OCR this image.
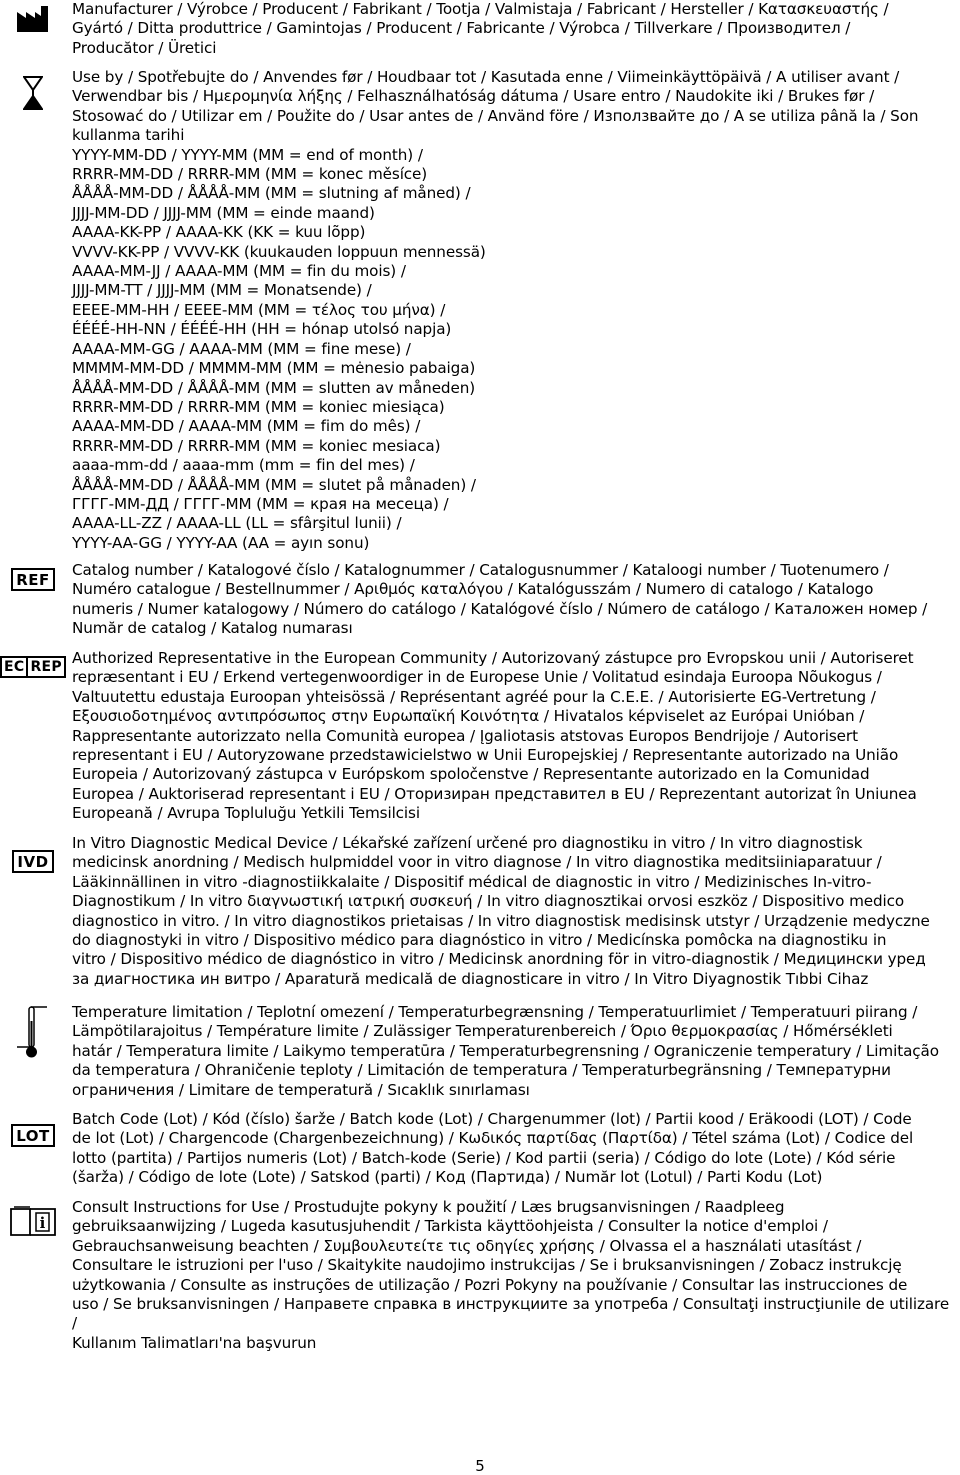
Manufacturer / Výrobce / Producent / Fabrikant / Tootja / Valmistaja / Fabricant / Hersteller / Κατασκευαστής /

Gyártó / Ditta produttrice / Gamintojas / Producent / Fabricante / Výrobca / Tillverkare / Производител /

Producător / Üretici

Use by / Spotřebujte do / Anvendes før / Houdbaar tot / Kasutada enne / Viimeinkäyttöpäivä / A utiliser avant /

Verwendbar bis / Ημερομηνία λήξης / Felhasználhatóság dátuma / Usare entro / Naudokite iki / Brukes før /

Stosować do / Utilizar em / Použite do / Usar antes de / Använd före / Използвайте до / A se utiliza până la / Son

kullanma tarihi

YYYY-MM-DD / YYYY-MM (MM = end of month) /

RRRR-MM-DD / RRRR-MM (MM = konec měsíce)

ÅÅÅÅ-MM-DD / ÅÅÅÅ-MM (MM = slutning af måned) /

JJJJ-MM-DD / JJJJ-MM (MM = einde maand)

AAAA-KK-PP / AAAA-KK (KK = kuu lõpp)

VVVV-KK-PP / VVVV-KK (kuukauden loppuun mennessä)

AAAA-MM-JJ / AAAA-MM (MM = fin du mois) /

JJJJ-MM-TT / JJJJ-MM (MM = Monatsende) /

EEEE-MM-HH / EEEE-MM (MM = τέλος του μήνα) /

ÉÉÉÉ-HH-NN / ÉÉÉÉ-HH (HH = hónap utolsó napja)

AAAA-MM-GG / AAAA-MM (MM = fine mese) /

MMMM-MM-DD / MMMM-MM (MM = mėnesio pabaiga)

ÅÅÅÅ-MM-DD / ÅÅÅÅ-MM (MM = slutten av måneden)

RRRR-MM-DD / RRRR-MM (MM = koniec miesiąca)

AAAA-MM-DD / AAAA-MM (MM = fim do mês) /

RRRR-MM-DD / RRRR-MM (MM = koniec mesiaca)

aaaa-mm-dd / aaaa-mm (mm = fin del mes) /

ÅÅÅÅ-MM-DD / ÅÅÅÅ-MM (MM = slutet på månaden) /

ГГГГ-ММ-ДД / ГГГГ-ММ (ММ = края на месеца) /

AAAA-LL-ZZ / AAAA-LL (LL = sfârşitul lunii) /

YYYY-AA-GG / YYYY-AA (AA = ayın sonu)

REF

Catalog number / Katalogové číslo / Katalognummer / Catalogusnummer / Kataloogi number / Tuotenumero /

Numéro catalogue / Bestellnummer / Αριθμός καταλόγου / Katalógusszám / Numero di catalogo / Katalogo

numeris / Numer katalogowy / Número do catálogo / Katalógové číslo / Número de catálogo / Каталожен номер /

Număr de catalog / Katalog numarası

EC REP Authorized Representative in the European Community / Autorizovaný zástupce pro Evropskou unii / Autoriseret

repræsentant i EU / Erkend vertegenwoordiger in de Europese Unie / Volitatud esindaja Euroopa Nõukogus /

Valtuutettu edustaja Euroopan yhteisössä / Représentant agréé pour la C.E.E. / Autorisierte EG-Vertretung /

Εξουσιοδοτημένος αντιπρόσωπος στην Ευρωπαϊκή Κοινότητα / Hivatalos képviselet az Európai Unióban /

Rappresentante autorizzato nella Comunità europea / Įgaliotasis atstovas Europos Bendrijoje / Autorisert

representant i EU / Autoryzowane przedstawicielstwo w Unii Europejskiej / Representante autorizado na União

Europeia / Autorizovaný zástupca v Európskom spoločenstve / Representante autorizado en la Comunidad

Europea / Auktoriserad representant i EU / Оторизиран представител в EU / Reprezentant autorizat în Uniunea

Europeană / Avrupa Topluluğu Yetkili Temsilcisi

IVD

In Vitro Diagnostic Medical Device / Lékařské zařízení určené pro diagnostiku in vitro / In vitro diagnostisk

medicinsk anordning / Medisch hulpmiddel voor in vitro diagnose / In vitro diagnostika meditsiiniaparatuur /

Lääkinnällinen in vitro -diagnostiikkalaite / Dispositif médical de diagnostic in vitro / Medizinisches In-vitro-

Diagnostikum / In vitro διαγνωστική ιατρική συσκευή / In vitro diagnosztikai orvosi eszköz / Dispositivo medico

diagnostico in vitro. / In vitro diagnostikos prietaisas / In vitro diagnostisk medisinsk utstyr / Urządzenie medyczne

do diagnostyki in vitro / Dispositivo médico para diagnóstico in vitro / Medicínska pomôcka na diagnostiku in

vitro / Dispositivo médico de diagnóstico in vitro / Medicinsk anordning för in vitro-diagnostik / Медицински уред

за диагностика ин витро / Aparatură medicală de diagnosticare in vitro / In Vitro Diyagnostik Tıbbi Cihaz

Temperature limitation / Teplotní omezení / Temperaturbegrænsning / Temperatuurlimiet / Temperatuuri piirang /

Lämpötilarajoitus / Température limite / Zulässiger Temperaturenbereich / Όριο θερμοκρασίας / Hőmérsékleti

határ / Temperatura limite / Laikymo temperatūra / Temperaturbegrensning / Ograniczenie temperatury / Limitação

da temperatura / Ohraničenie teploty / Limitación de temperatura / Temperaturbegränsning / Температурни

ограничения / Limitare de temperatură / Sıcaklık sınırlaması

LOT

Batch Code (Lot) / Kód (číslo) šarže / Batch kode (Lot) / Chargenummer (lot) / Partii kood / Eräkoodi (LOT) / Code

de lot (Lot) / Chargencode (Chargenbezeichnung) / Κωδικός παρτίδας (Παρτίδα) / Tétel száma (Lot) / Codice del

lotto (partita) / Partijos numeris (Lot) / Batch-kode (Serie) / Kod partii (seria) / Código do lote (Lote) / Kód série

(šarža) / Código de lote (Lote) / Satskod (parti) / Код (Партида) / Număr lot (Lotul) / Parti Kodu (Lot)

i

Consult Instructions for Use / Prostudujte pokyny k použití / Læs brugsanvisningen / Raadpleeg

gebruiksaanwijzing / Lugeda kasutusjuhendit / Tarkista käyttöohjeista / Consulter la notice d'emploi /

Gebrauchsanweisung beachten / Συμβουλευτείτε τις οδηγίες χρήσης / Olvassa el a használati utasítást /

Consultare le istruzioni per l'uso / Skaitykite naudojimo instrukcijas / Se i bruksanvisningen / Zobacz instrukcję

użytkowania / Consulte as instruções de utilização / Pozri Pokyny na používanie / Consultar las instrucciones de

uso / Se bruksanvisningen / Направете справка в инструкциите за употреба / Consultaţi instrucţiunile de utilizare /

Kullanım Talimatları'na başvurun

5
